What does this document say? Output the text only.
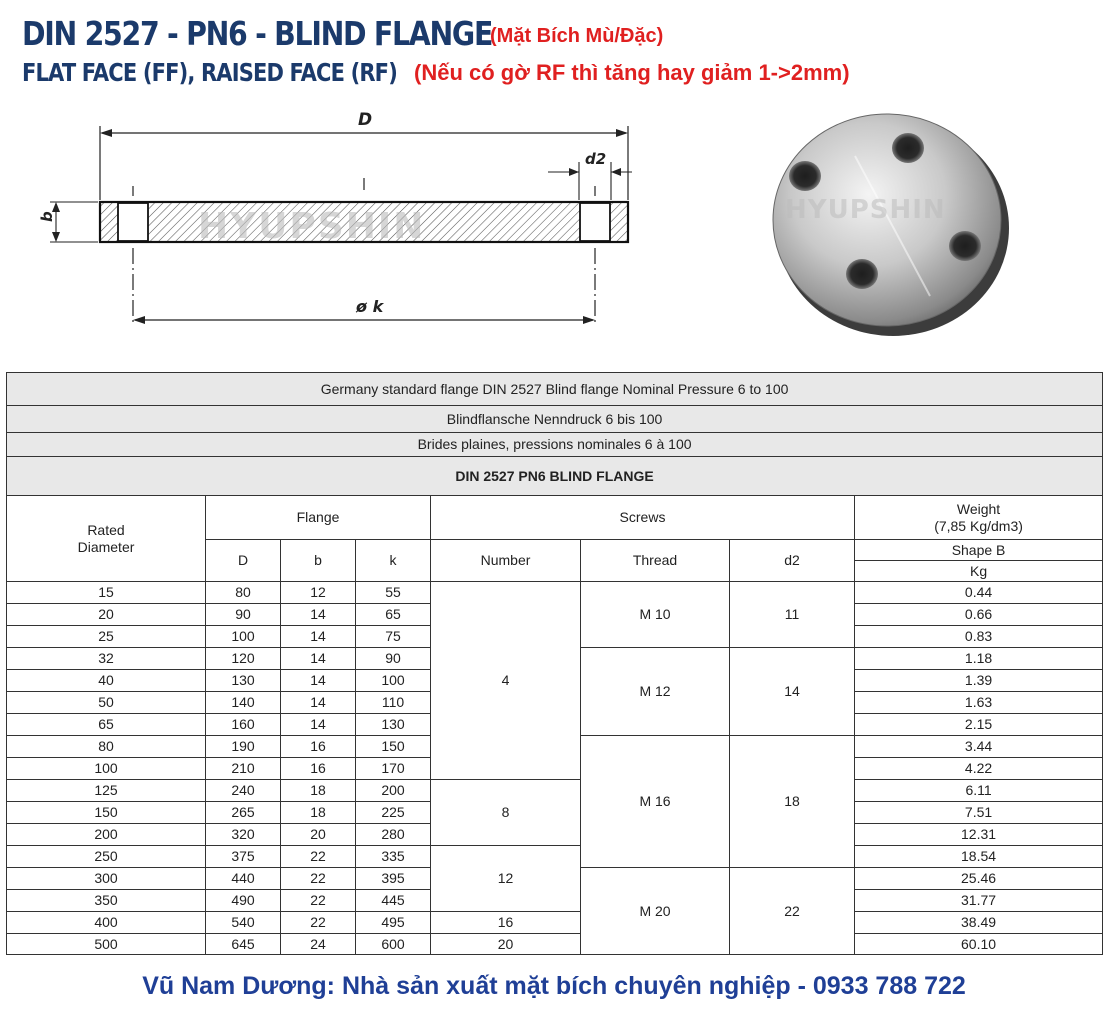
DIN 2527 - PN6 - BLIND FLANGE
(Mặt Bích Mù/Đặc)
FLAT FACE (FF), RAISED FACE (RF) (Nếu có gờ RF thì tăng hay giảm 1->2mm)
D
d2
HYUPSHIN
b
ø k
HYUPSHIN
Germany standard flange DIN 2527 Blind flange Nominal Pressure 6 to 100							
Blindflansche Nenndruck 6 bis 100							
Brides plaines, pressions nominales 6 à 100							
DIN 2527 PN6 BLIND FLANGE							
Rated
Diameter	Flange			Screws			Weight
(7,85 Kg/dm3)
	D	b	k	Number	Thread	d2	Shape B
							Kg
15	80	12	55	4	M 10	11	0.44
20	90	14	65				0.66
25	100	14	75				0.83
32	120	14	90		M 12	14	1.18
40	130	14	100				1.39
50	140	14	110				1.63
65	160	14	130				2.15
80	190	16	150		M 16	18	3.44
100	210	16	170				4.22
125	240	18	200	8			6.11
150	265	18	225				7.51
200	320	20	280				12.31
250	375	22	335	12			18.54
300	440	22	395		M 20	22	25.46
350	490	22	445				31.77
400	540	22	495	16			38.49
500	645	24	600	20			60.10
Vũ Nam Dương: Nhà sản xuất mặt bích chuyên nghiệp - 0933 788 722
